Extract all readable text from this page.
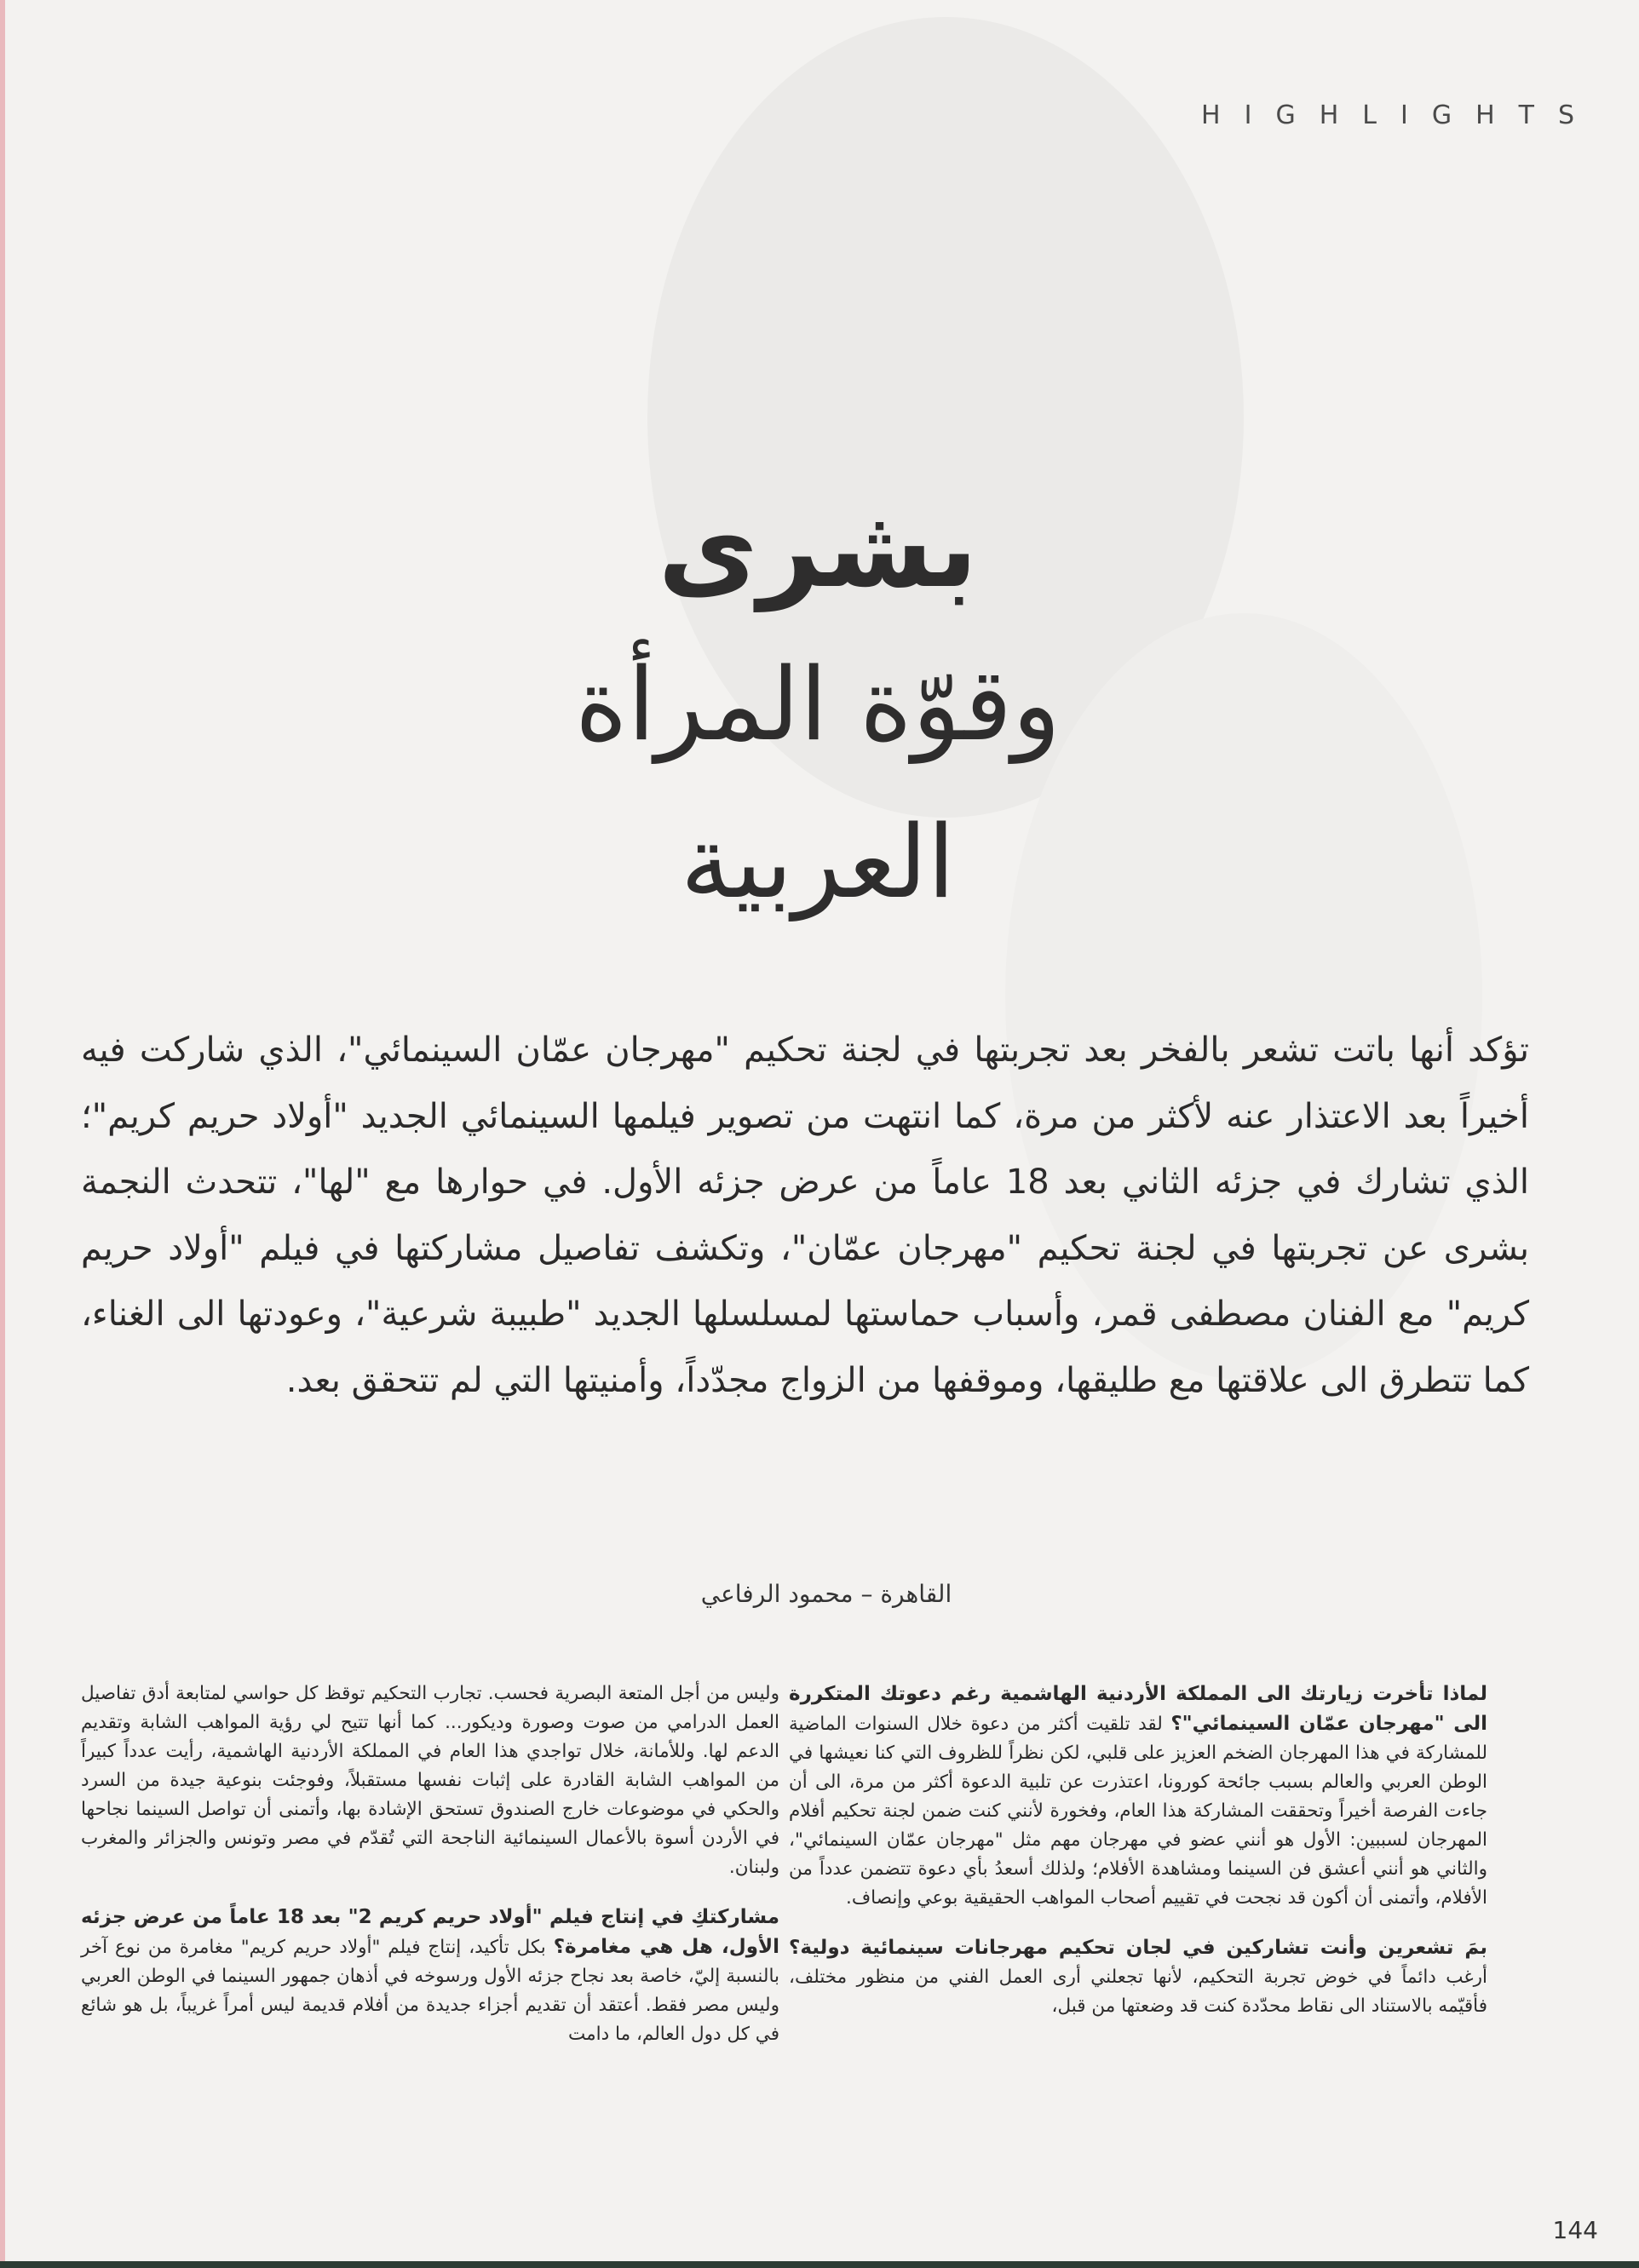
HIGHLIGHTS
بشرى
وقوّة المرأة
العربية
تؤكد أنها باتت تشعر بالفخر بعد تجربتها في لجنة تحكيم "مهرجان عمّان السينمائي"، الذي شاركت فيه أخيراً بعد الاعتذار عنه لأكثر من مرة، كما انتهت من تصوير فيلمها السينمائي الجديد "أولاد حريم كريم"؛ الذي تشارك في جزئه الثاني بعد 18 عاماً من عرض جزئه الأول. في حوارها مع "لها"، تتحدث النجمة بشرى عن تجربتها في لجنة تحكيم "مهرجان عمّان"، وتكشف تفاصيل مشاركتها في فيلم "أولاد حريم كريم" مع الفنان مصطفى قمر، وأسباب حماستها لمسلسلها الجديد "طبيبة شرعية"، وعودتها الى الغناء، كما تتطرق الى علاقتها مع طليقها، وموقفها من الزواج مجدّداً، وأمنيتها التي لم تتحقق بعد.
القاهرة – محمود الرفاعي

لماذا تأخرت زيارتك الى المملكة الأردنية الهاشمية رغم دعوتك المتكررة الى "مهرجان عمّان السينمائي"؟ لقد تلقيت أكثر من دعوة خلال السنوات الماضية للمشاركة في هذا المهرجان الضخم العزيز على قلبي، لكن نظراً للظروف التي كنا نعيشها في الوطن العربي والعالم بسبب جائحة كورونا، اعتذرت عن تلبية الدعوة أكثر من مرة، الى أن جاءت الفرصة أخيراً وتحققت المشاركة هذا العام، وفخورة لأنني كنت ضمن لجنة تحكيم أفلام المهرجان لسببين: الأول هو أنني عضو في مهرجان مهم مثل "مهرجان عمّان السينمائي"، والثاني هو أنني أعشق فن السينما ومشاهدة الأفلام؛ ولذلك أسعدُ بأي دعوة تتضمن عدداً من الأفلام، وأتمنى أن أكون قد نجحت في تقييم أصحاب المواهب الحقيقية بوعي وإنصاف.

بمَ تشعرين وأنت تشاركين في لجان تحكيم مهرجانات سينمائية دولية؟ أرغب دائماً في خوض تجربة التحكيم، لأنها تجعلني أرى العمل الفني من منظور مختلف، فأقيّمه بالاستناد الى نقاط محدّدة كنت قد وضعتها من قبل،

وليس من أجل المتعة البصرية فحسب. تجارب التحكيم توقظ كل حواسي لمتابعة أدق تفاصيل العمل الدرامي من صوت وصورة وديكور... كما أنها تتيح لي رؤية المواهب الشابة وتقديم الدعم لها. وللأمانة، خلال تواجدي هذا العام في المملكة الأردنية الهاشمية، رأيت عدداً كبيراً من المواهب الشابة القادرة على إثبات نفسها مستقبلاً، وفوجئت بنوعية جيدة من السرد والحكي في موضوعات خارج الصندوق تستحق الإشادة بها، وأتمنى أن تواصل السينما نجاحها في الأردن أسوة بالأعمال السينمائية الناجحة التي تُقدّم في مصر وتونس والجزائر والمغرب ولبنان.

مشاركتكِ في إنتاج فيلم "أولاد حريم كريم 2" بعد 18 عاماً من عرض جزئه الأول، هل هي مغامرة؟ بكل تأكيد، إنتاج فيلم "أولاد حريم كريم" مغامرة من نوع آخر بالنسبة إليّ، خاصة بعد نجاح جزئه الأول ورسوخه في أذهان جمهور السينما في الوطن العربي وليس مصر فقط. أعتقد أن تقديم أجزاء جديدة من أفلام قديمة ليس أمراً غريباً، بل هو شائع في كل دول العالم، ما دامت

144
